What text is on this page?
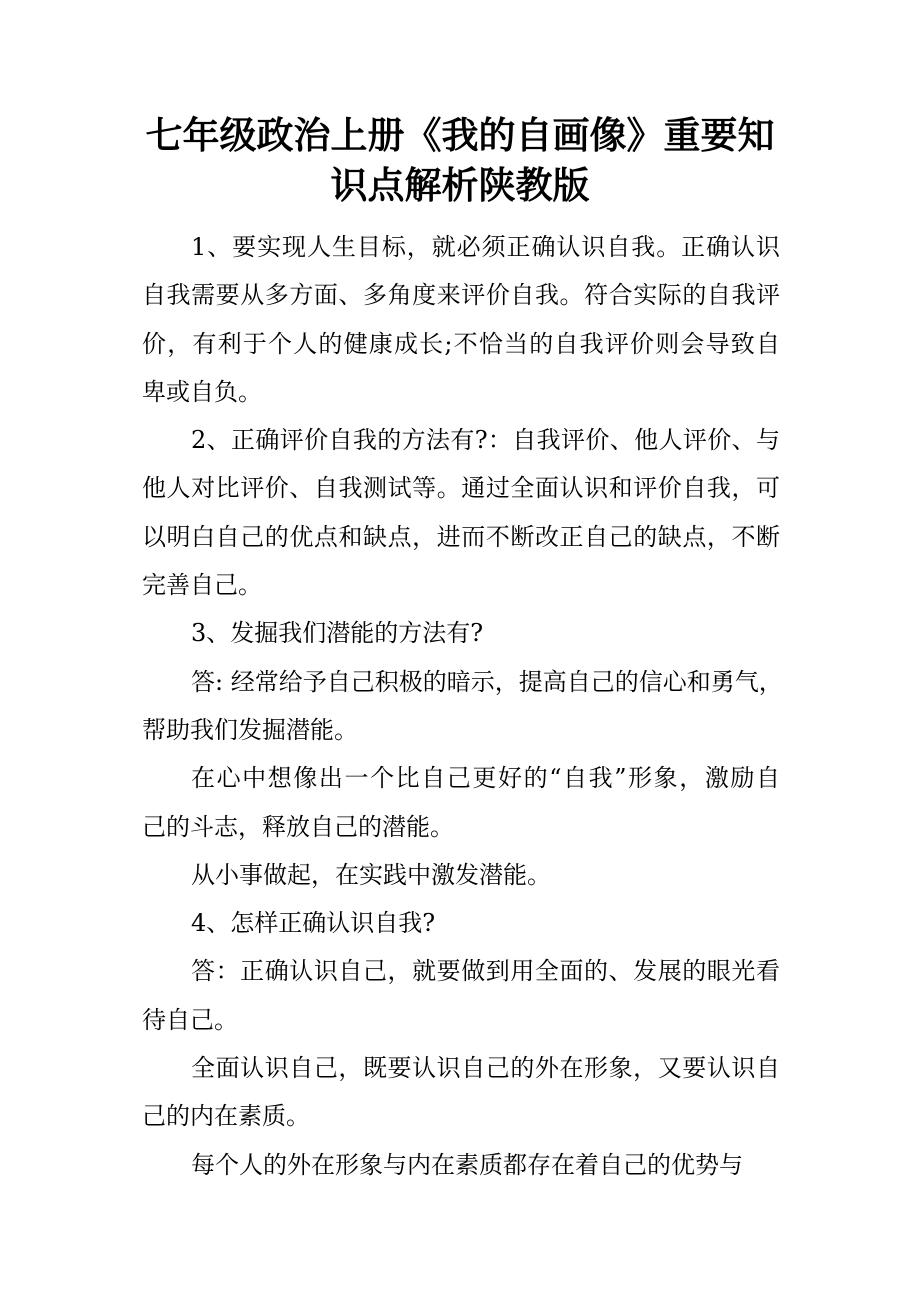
七年级政治上册《我的自画像》重要知
识点解析陕教版
1、要实现人生目标，就必须正确认识自我。正确认识
自我需要从多方面、多角度来评价自我。符合实际的自我评
价，有利于个人的健康成长;不恰当的自我评价则会导致自
卑或自负。
2、正确评价自我的方法有?：自我评价、他人评价、与
他人对比评价、自我测试等。通过全面认识和评价自我，可
以明白自己的优点和缺点，进而不断改正自己的缺点，不断
完善自己。
3、发掘我们潜能的方法有?
答: 经常给予自己积极的暗示，提高自己的信心和勇气，
帮助我们发掘潜能。
在心中想像出一个比自己更好的“自我”形象，激励自
己的斗志，释放自己的潜能。
从小事做起，在实践中激发潜能。
4、怎样正确认识自我?
答：正确认识自己，就要做到用全面的、发展的眼光看
待自己。
全面认识自己，既要认识自己的外在形象，又要认识自
己的内在素质。
每个人的外在形象与内在素质都存在着自己的优势与
